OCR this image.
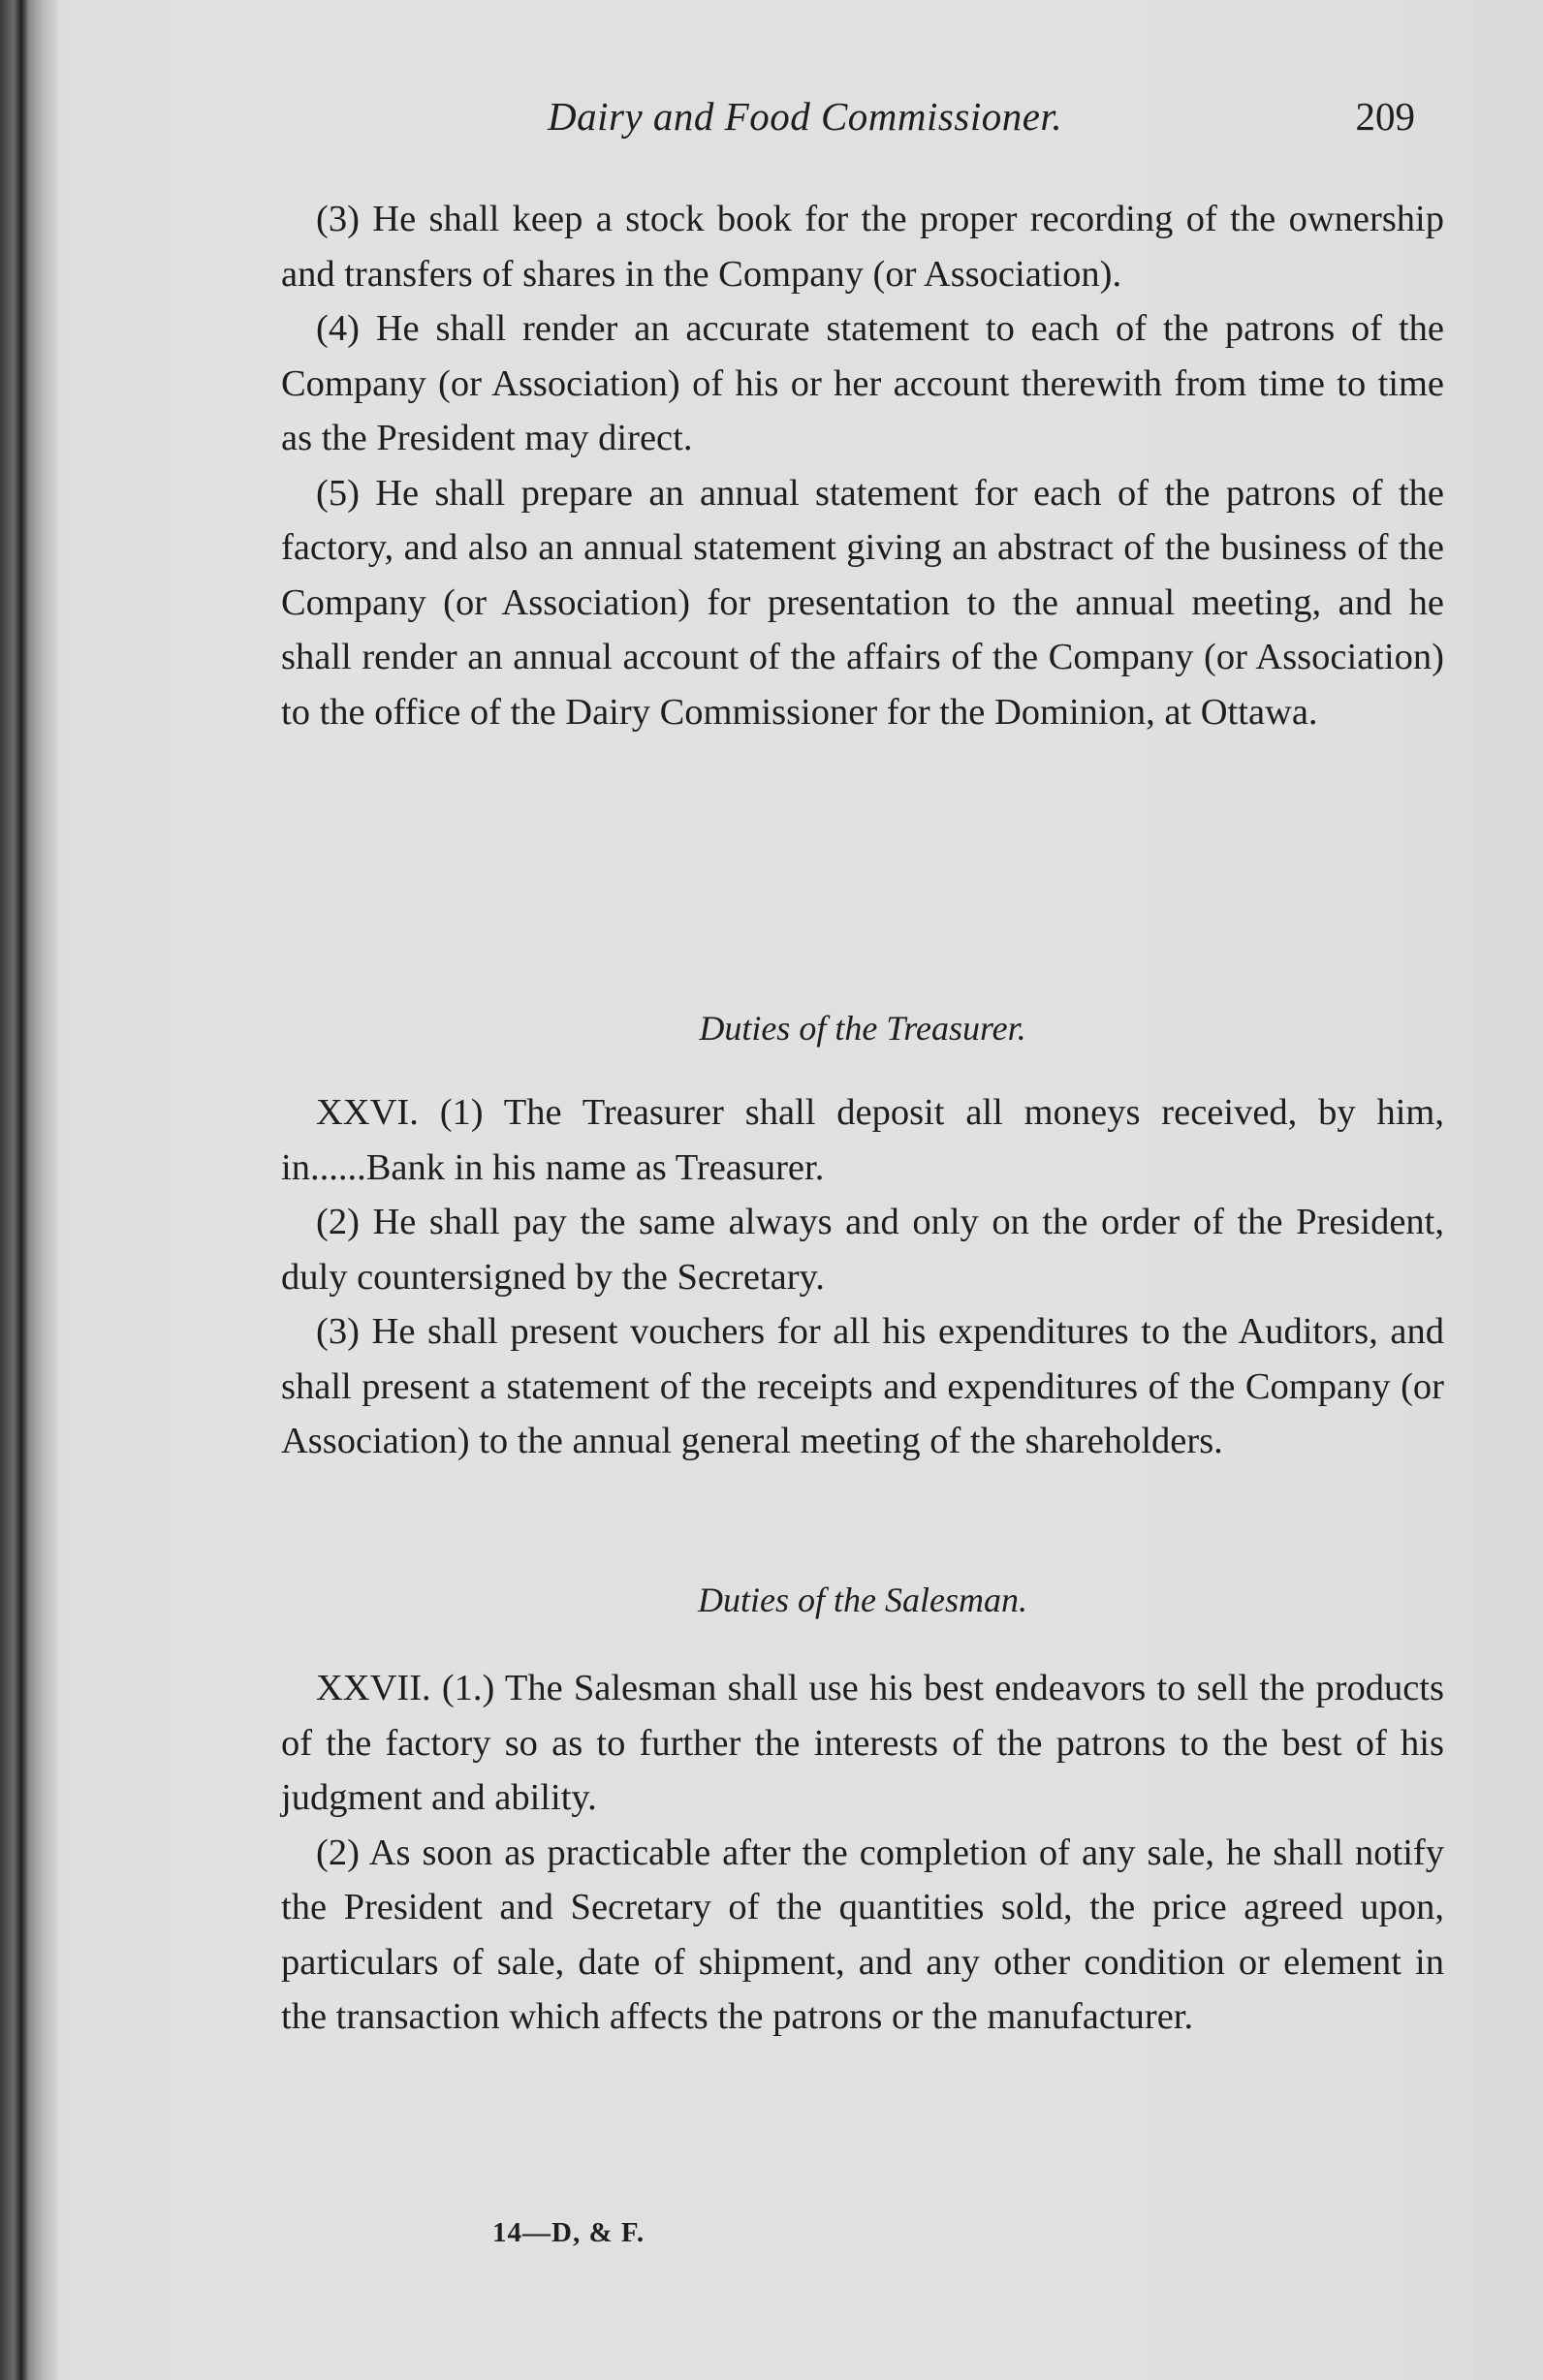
Dairy and Food Commissioner.	209

(3) He shall keep a stock book for the proper recording of the ownership and transfers of shares in the Company (or Association).

(4) He shall render an accurate statement to each of the patrons of the Company (or Association) of his or her account therewith from time to time as the President may direct.

(5) He shall prepare an annual statement for each of the patrons of the factory, and also an annual statement giving an abstract of the business of the Company (or Association) for presentation to the annual meeting, and he shall render an annual account of the affairs of the Company (or Association) to the office of the Dairy Commissioner for the Dominion, at Ottawa.

Duties of the Treasurer.

XXVI. (1) The Treasurer shall deposit all moneys received, by him, in......Bank in his name as Treasurer.

(2) He shall pay the same always and only on the order of the President, duly countersigned by the Secretary.

(3) He shall present vouchers for all his expenditures to the Auditors, and shall present a statement of the receipts and expenditures of the Company (or Association) to the annual general meeting of the shareholders.

Duties of the Salesman.

XXVII. (1.) The Salesman shall use his best endeavors to sell the products of the factory so as to further the interests of the patrons to the best of his judgment and ability.

(2) As soon as practicable after the completion of any sale, he shall notify the President and Secretary of the quantities sold, the price agreed upon, particulars of sale, date of shipment, and any other condition or element in the transaction which affects the patrons or the manufacturer.

14—D, & F.
